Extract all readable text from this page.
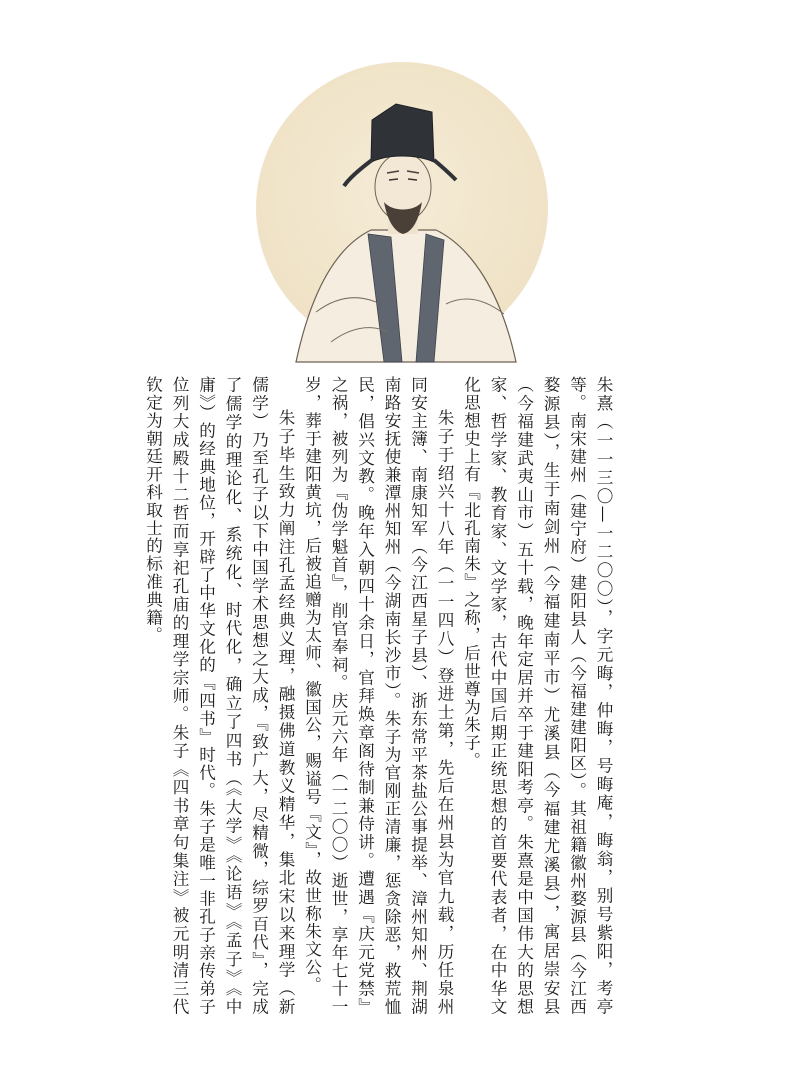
朱熹（一一三〇—一二〇〇），字元晦，仲晦，号晦庵，晦翁，别号紫阳，考亭等。南宋建州（建宁府）建阳县人（今福建建阳区）。其祖籍徽州婺源县（今江西婺源县），生于南剑州（今福建南平市）尤溪县（今福建尤溪县），寓居崇安县（今福建武夷山市）五十载，晚年定居并卒于建阳考亭。朱熹是中国伟大的思想家、哲学家、教育家、文学家，古代中国后期正统思想的首要代表者，在中华文化思想史上有『北孔南朱』之称，后世尊为朱子。

朱子于绍兴十八年（一一四八）登进士第，先后在州县为官九载，历任泉州同安主簿、南康知军（今江西星子县）、浙东常平茶盐公事提举、漳州知州、荆湖南路安抚使兼潭州知州（今湖南长沙市）。朱子为官刚正清廉，惩贪除恶，救荒恤民，倡兴文教。晚年入朝四十余日，官拜焕章阁待制兼侍讲。遭遇『庆元党禁』之祸，被列为『伪学魁首』，削官奉祠。庆元六年（一二〇〇）逝世，享年七十一岁，葬于建阳黄坑，后被追赠为太师、徽国公，赐谥号『文』，故世称朱文公。

朱子毕生致力阐注孔孟经典义理，融摄佛道教义精华，集北宋以来理学（新儒学）乃至孔子以下中国学术思想之大成，『致广大，尽精微，综罗百代』，完成了儒学的理论化、系统化、时代化，确立了四书（《大学》《论语》《孟子》《中庸》）的经典地位，开辟了中华文化的『四书』时代。朱子是唯一非孔子亲传弟子位列大成殿十二哲而享祀孔庙的理学宗师。朱子《四书章句集注》被元明清三代钦定为朝廷开科取士的标准典籍。
